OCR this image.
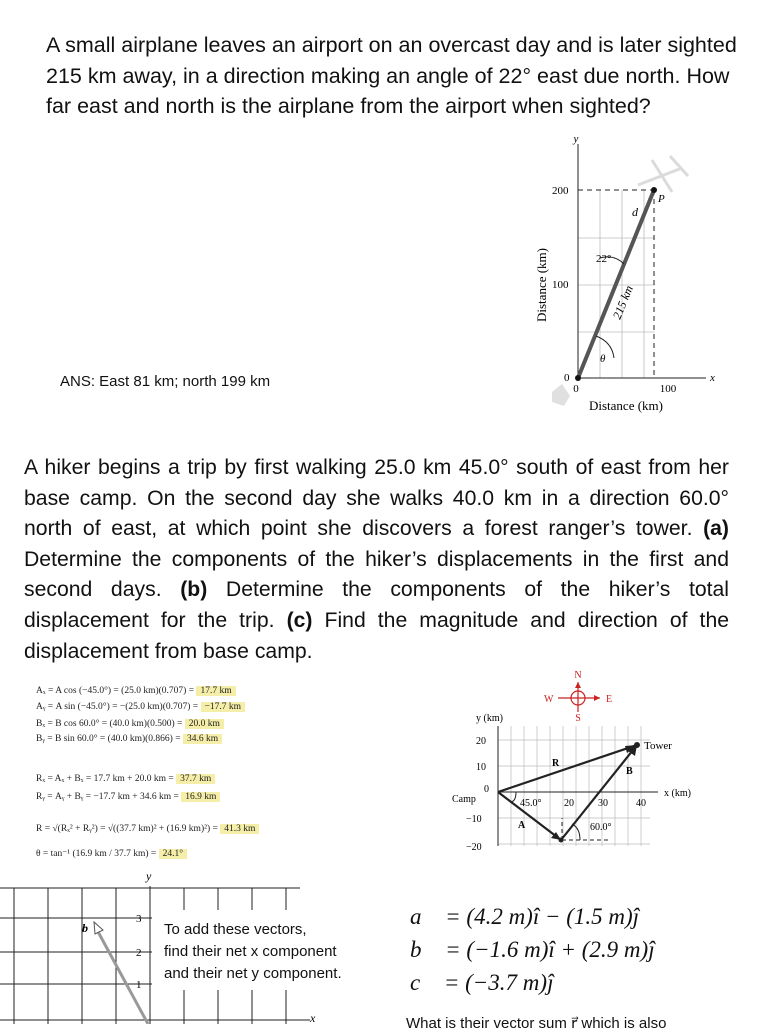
A small airplane leaves an airport on an overcast day and is later sighted 215 km away, in a direction making an angle of 22° east due north. How far east and north is the airplane from the airport when sighted?
y
x
200
100
0
0	100
Distance (km)
Distance (km)
P
d
22°
θ
215 km
ANS: East 81 km; north 199 km
A hiker begins a trip by first walking 25.0 km 45.0° south of east from her base camp. On the second day she walks 40.0 km in a direction 60.0° north of east, at which point she discovers a forest ranger’s tower. (a) Determine the components of the hiker’s displacements in the first and second days. (b) Determine the components of the hiker’s total displacement for the trip. (c) Find the magnitude and direction of the displacement from base camp.
Aₓ = A cos (−45.0°) = (25.0 km)(0.707) = 17.7 km
Aᵧ = A sin (−45.0°) = −(25.0 km)(0.707) = −17.7 km
Bₓ = B cos 60.0° = (40.0 km)(0.500) = 20.0 km
Bᵧ = B sin 60.0° = (40.0 km)(0.866) = 34.6 km
Rₓ = Aₓ + Bₓ = 17.7 km + 20.0 km = 37.7 km
Rᵧ = Aᵧ + Bᵧ = −17.7 km + 34.6 km = 16.9 km
R = √(Rₓ² + Rᵧ²) = √((37.7 km)² + (16.9 km)²) = 41.3 km
θ = tan⁻¹ (16.9 km / 37.7 km) = 24.1°
N
S
E
W
y (km)
x (km)
20
10
0
Camp
−10
−20
20 30	40
Tower
A
B
R
45.0°
60.0°
y
x
3
2
1
b	To add these vectors,
find their net x component
and their net y component.
a⃗ = (4.2 m)î − (1.5 m)ĵ
b⃗ = (−1.6 m)î + (2.9 m)ĵ
c⃗ = (−3.7 m)ĵ
What is their vector sum r⃗ which is also
